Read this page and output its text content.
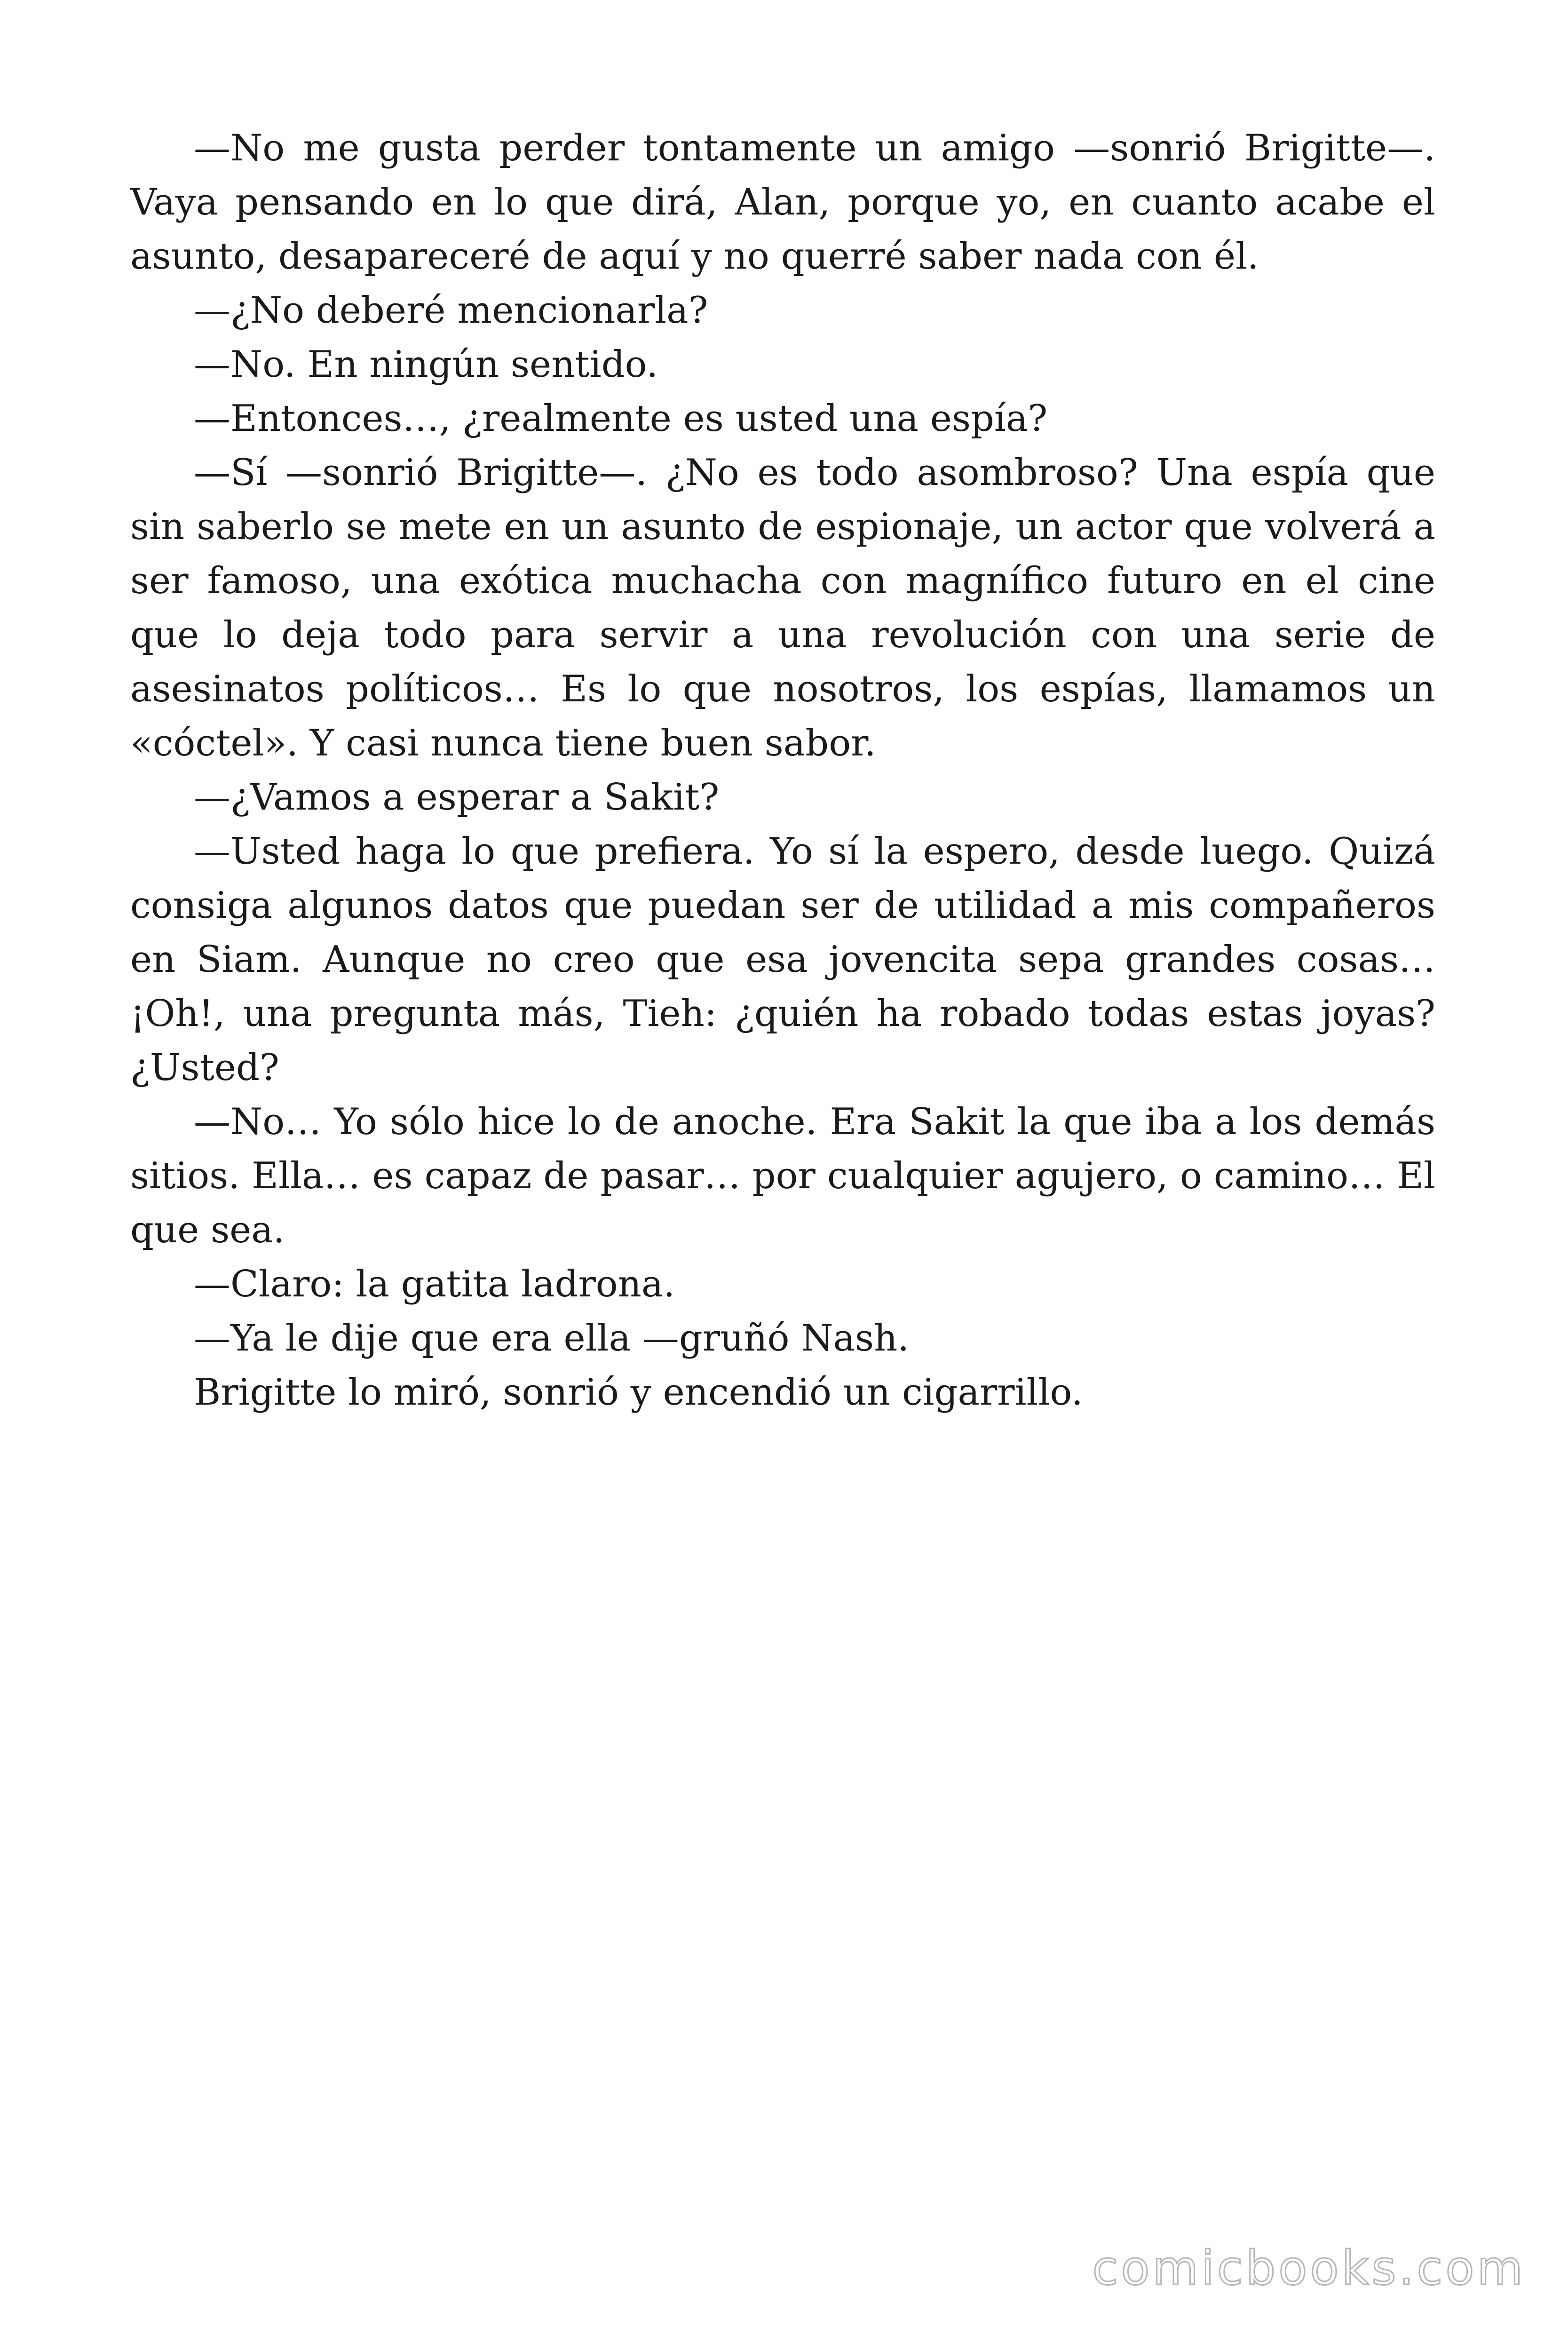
—No me gusta perder tontamente un amigo —sonrió Brigitte—. Vaya pensando en lo que dirá, Alan, porque yo, en cuanto acabe el asunto, desapareceré de aquí y no querré saber nada con él.

—¿No deberé mencionarla?

—No. En ningún sentido.

—Entonces…, ¿realmente es usted una espía?

—Sí —sonrió Brigitte—. ¿No es todo asombroso? Una espía que sin saberlo se mete en un asunto de espionaje, un actor que volverá a ser famoso, una exótica muchacha con magnífico futuro en el cine que lo deja todo para servir a una revolución con una serie de asesinatos políticos… Es lo que nosotros, los espías, llamamos un «cóctel». Y casi nunca tiene buen sabor.

—¿Vamos a esperar a Sakit?

—Usted haga lo que prefiera. Yo sí la espero, desde luego. Quizá consiga algunos datos que puedan ser de utilidad a mis compañeros en Siam. Aunque no creo que esa jovencita sepa grandes cosas… ¡Oh!, una pregunta más, Tieh: ¿quién ha robado todas estas joyas? ¿Usted?

—No… Yo sólo hice lo de anoche. Era Sakit la que iba a los demás sitios. Ella… es capaz de pasar… por cualquier agujero, o camino… El que sea.

—Claro: la gatita ladrona.

—Ya le dije que era ella —gruñó Nash.

Brigitte lo miró, sonrió y encendió un cigarrillo.

comicbooks.com
